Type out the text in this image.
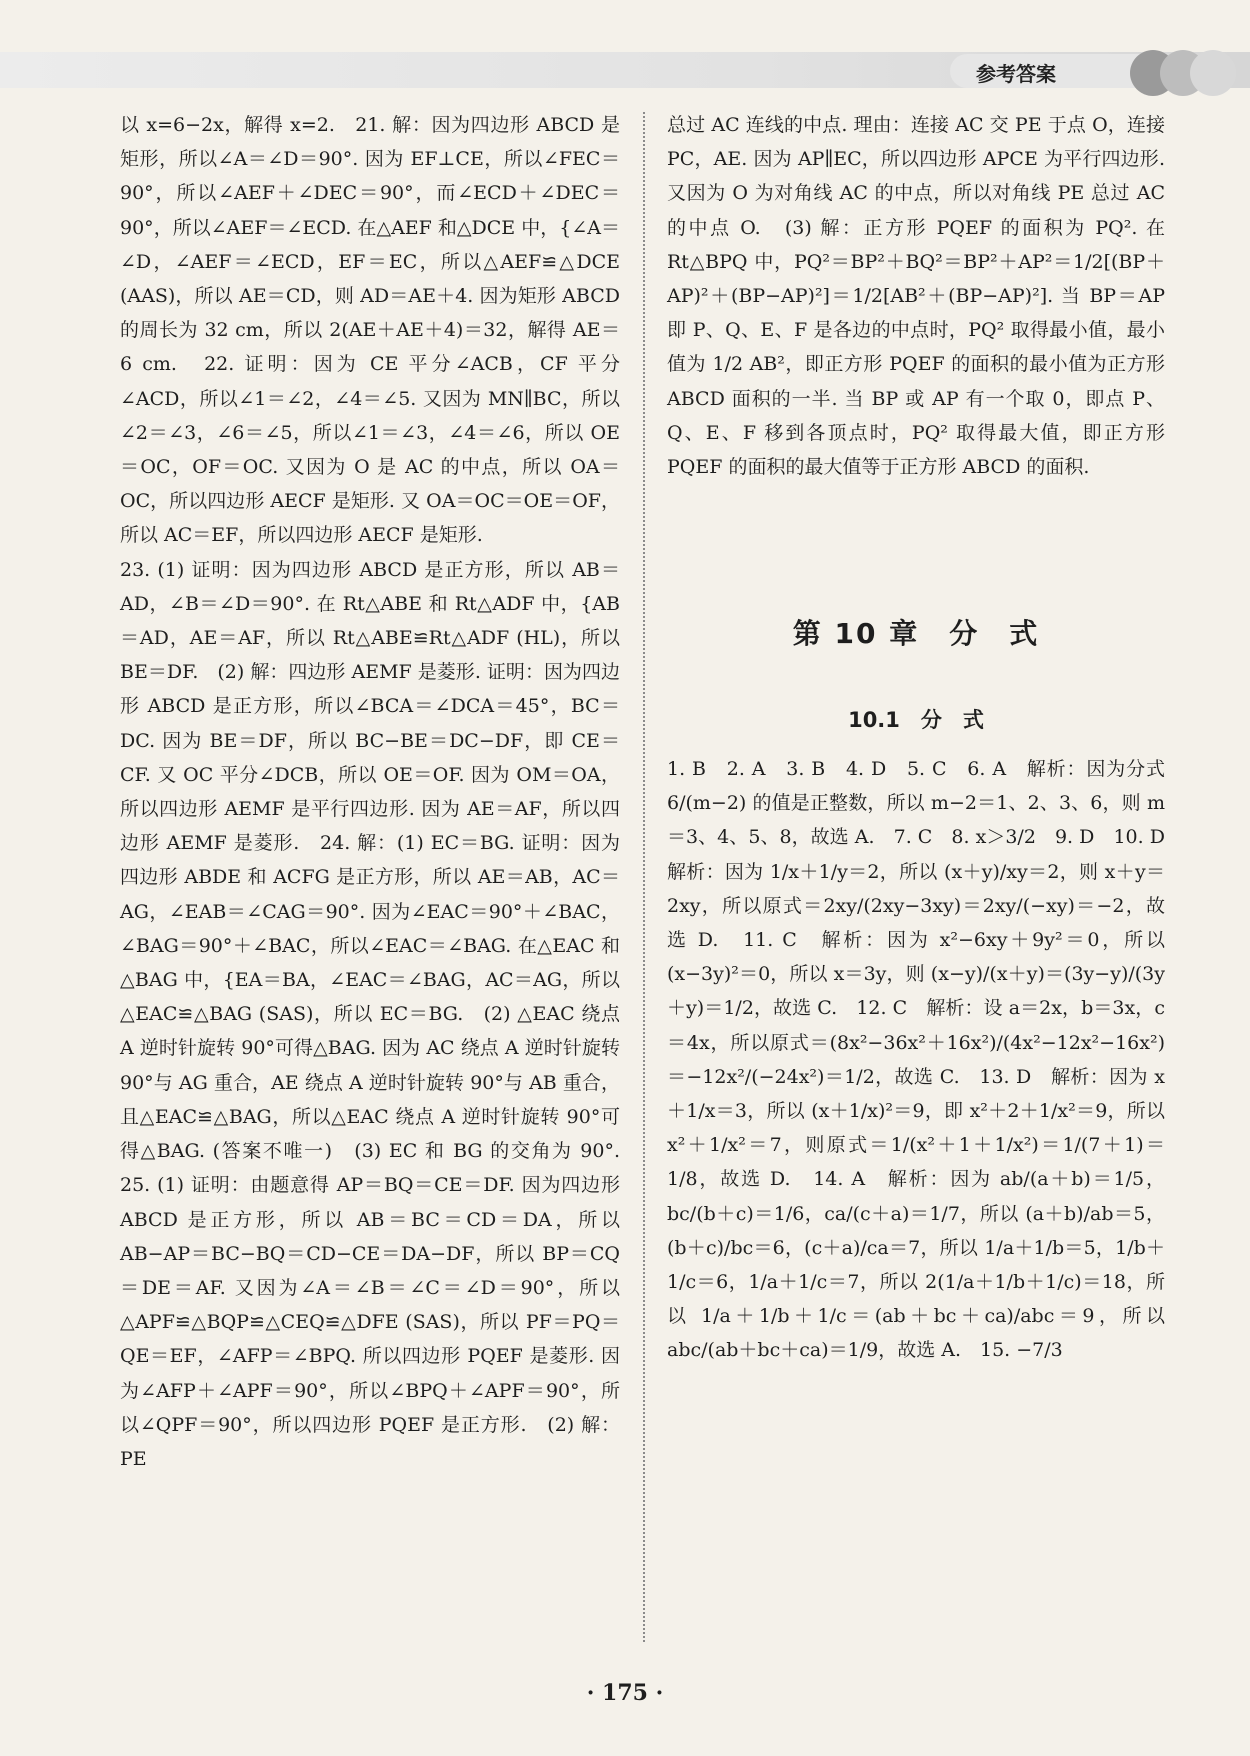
参考答案

以 x=6−2x，解得 x=2.　21. 解：因为四边形 ABCD 是矩形，所以∠A＝∠D＝90°. 因为 EF⊥CE，所以∠FEC＝90°，所以∠AEF＋∠DEC＝90°，而∠ECD＋∠DEC＝90°，所以∠AEF＝∠ECD. 在△AEF 和△DCE 中，{∠A＝∠D，∠AEF＝∠ECD，EF＝EC，所以△AEF≌△DCE (AAS)，所以 AE＝CD，则 AD＝AE＋4. 因为矩形 ABCD 的周长为 32 cm，所以 2(AE＋AE＋4)＝32，解得 AE＝6 cm.　22. 证明：因为 CE 平分∠ACB，CF 平分∠ACD，所以∠1＝∠2，∠4＝∠5. 又因为 MN∥BC，所以∠2＝∠3，∠6＝∠5，所以∠1＝∠3，∠4＝∠6，所以 OE＝OC，OF＝OC. 又因为 O 是 AC 的中点，所以 OA＝OC，所以四边形 AECF 是矩形. 又 OA＝OC＝OE＝OF，所以 AC＝EF，所以四边形 AECF 是矩形.

23. (1) 证明：因为四边形 ABCD 是正方形，所以 AB＝AD，∠B＝∠D＝90°. 在 Rt△ABE 和 Rt△ADF 中，{AB＝AD，AE＝AF，所以 Rt△ABE≌Rt△ADF (HL)，所以 BE＝DF.　(2) 解：四边形 AEMF 是菱形. 证明：因为四边形 ABCD 是正方形，所以∠BCA＝∠DCA＝45°，BC＝DC. 因为 BE＝DF，所以 BC−BE＝DC−DF，即 CE＝CF. 又 OC 平分∠DCB，所以 OE＝OF. 因为 OM＝OA，所以四边形 AEMF 是平行四边形. 因为 AE＝AF，所以四边形 AEMF 是菱形.　24. 解：(1) EC＝BG. 证明：因为四边形 ABDE 和 ACFG 是正方形，所以 AE＝AB，AC＝AG，∠EAB＝∠CAG＝90°. 因为∠EAC＝90°＋∠BAC，∠BAG＝90°＋∠BAC，所以∠EAC＝∠BAG. 在△EAC 和△BAG 中，{EA＝BA，∠EAC＝∠BAG，AC＝AG，所以△EAC≌△BAG (SAS)，所以 EC＝BG.　(2) △EAC 绕点 A 逆时针旋转 90°可得△BAG. 因为 AC 绕点 A 逆时针旋转 90°与 AG 重合，AE 绕点 A 逆时针旋转 90°与 AB 重合，且△EAC≌△BAG，所以△EAC 绕点 A 逆时针旋转 90°可得△BAG. (答案不唯一)　(3) EC 和 BG 的交角为 90°.　25. (1) 证明：由题意得 AP＝BQ＝CE＝DF. 因为四边形 ABCD 是正方形，所以 AB＝BC＝CD＝DA，所以 AB−AP＝BC−BQ＝CD−CE＝DA−DF，所以 BP＝CQ＝DE＝AF. 又因为∠A＝∠B＝∠C＝∠D＝90°，所以△APF≌△BQP≌△CEQ≌△DFE (SAS)，所以 PF＝PQ＝QE＝EF，∠AFP＝∠BPQ. 所以四边形 PQEF 是菱形. 因为∠AFP＋∠APF＝90°，所以∠BPQ＋∠APF＝90°，所以∠QPF＝90°，所以四边形 PQEF 是正方形.　(2) 解：PE

总过 AC 连线的中点. 理由：连接 AC 交 PE 于点 O，连接 PC，AE. 因为 AP∥EC，所以四边形 APCE 为平行四边形. 又因为 O 为对角线 AC 的中点，所以对角线 PE 总过 AC 的中点 O.　(3) 解：正方形 PQEF 的面积为 PQ². 在 Rt△BPQ 中，PQ²＝BP²＋BQ²＝BP²＋AP²＝1/2[(BP＋AP)²＋(BP−AP)²]＝1/2[AB²＋(BP−AP)²]. 当 BP＝AP 即 P、Q、E、F 是各边的中点时，PQ² 取得最小值，最小值为 1/2 AB²，即正方形 PQEF 的面积的最小值为正方形 ABCD 面积的一半. 当 BP 或 AP 有一个取 0，即点 P、Q、E、F 移到各顶点时，PQ² 取得最大值，即正方形 PQEF 的面积的最大值等于正方形 ABCD 的面积.

第 10 章　分　式
10.1　分　式

1. B　2. A　3. B　4. D　5. C　6. A　解析：因为分式 6/(m−2) 的值是正整数，所以 m−2＝1、2、3、6，则 m＝3、4、5、8，故选 A.　7. C　8. x＞3/2　9. D　10. D　解析：因为 1/x＋1/y＝2，所以 (x＋y)/xy＝2，则 x＋y＝2xy，所以原式＝2xy/(2xy−3xy)＝2xy/(−xy)＝−2，故选 D.　11. C　解析：因为 x²−6xy＋9y²＝0，所以 (x−3y)²＝0，所以 x＝3y，则 (x−y)/(x＋y)＝(3y−y)/(3y＋y)＝1/2，故选 C.　12. C　解析：设 a＝2x，b＝3x，c＝4x，所以原式＝(8x²−36x²＋16x²)/(4x²−12x²−16x²)＝−12x²/(−24x²)＝1/2，故选 C.　13. D　解析：因为 x＋1/x＝3，所以 (x＋1/x)²＝9，即 x²＋2＋1/x²＝9，所以 x²＋1/x²＝7，则原式＝1/(x²＋1＋1/x²)＝1/(7＋1)＝1/8，故选 D.　14. A　解析：因为 ab/(a＋b)＝1/5，bc/(b＋c)＝1/6，ca/(c＋a)＝1/7，所以 (a＋b)/ab＝5，(b＋c)/bc＝6，(c＋a)/ca＝7，所以 1/a＋1/b＝5，1/b＋1/c＝6，1/a＋1/c＝7，所以 2(1/a＋1/b＋1/c)＝18，所以 1/a＋1/b＋1/c＝(ab＋bc＋ca)/abc＝9，所以 abc/(ab＋bc＋ca)＝1/9，故选 A.　15. −7/3

· 175 ·
